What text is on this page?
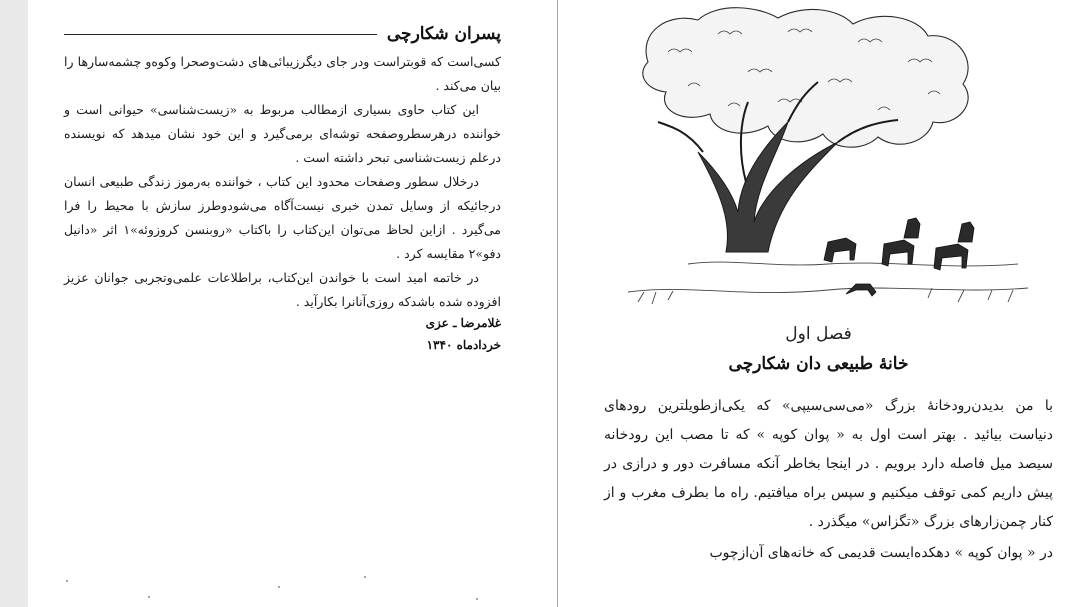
پسران شکارچی

کسی‌است که قوبتراست ودر جای دیگرزیبائی‌های دشت‌وصحرا وکوه‌و چشمه‌سارها را بیان می‌کند .

این کتاب حاوی بسیاری ازمطالب مربوط به «زیست‌شناسی» حیوانی است و خواننده درهر‌سطروصفحه توشه‌ای برمی‌گیرد و این خود نشان میدهد که نویسنده درعلم زیست‌شناسی تبحر داشته است .

درخلال سطور وصفحات محدود این کتاب ، خواننده به‌رموز زندگی طبیعی انسان درجائیکه از وسایل تمدن خبری نیست‌آگاه می‌شودوطرز سازش با محیط را فرا می‌گیرد . ازاین لحاظ می‌توان این‌کتاب را باکتاب «روبنسن کروزوئه»۱ اثر «دانیل دفو»۲ مقایسه کرد .

در خاتمه امید است با خواندن این‌کتاب، براطلاعات علمی‌وتجربی جوانان عزیز افزوده شده باشدکه روزی‌آنانرا بکارآید .

غلامرضا ـ عزی
خردادماه ۱۳۴۰
فصل اول
خانهٔ طبیعی دان شکارچی

با من بدیدن‌رودخانهٔ بزرگ «می‌سی‌سیپی» که یکی‌ازطویلترین رودهای دنیاست بیائید . بهتر است اول به « پوان کوپه » که تا مصب این رودخانه سیصد میل فاصله دارد برویم . در اینجا بخاطر آنکه مسافرت دور و درازی در پیش داریم کمی توقف میکنیم و سپس براه میافتیم. راه ما بطرف مغرب و از کنار چمن‌زارهای بزرگ «تگزاس» میگذرد .

در « پوان کوپه » دهکده‌ایست قدیمی که خانه‌های آن‌ازچوب
